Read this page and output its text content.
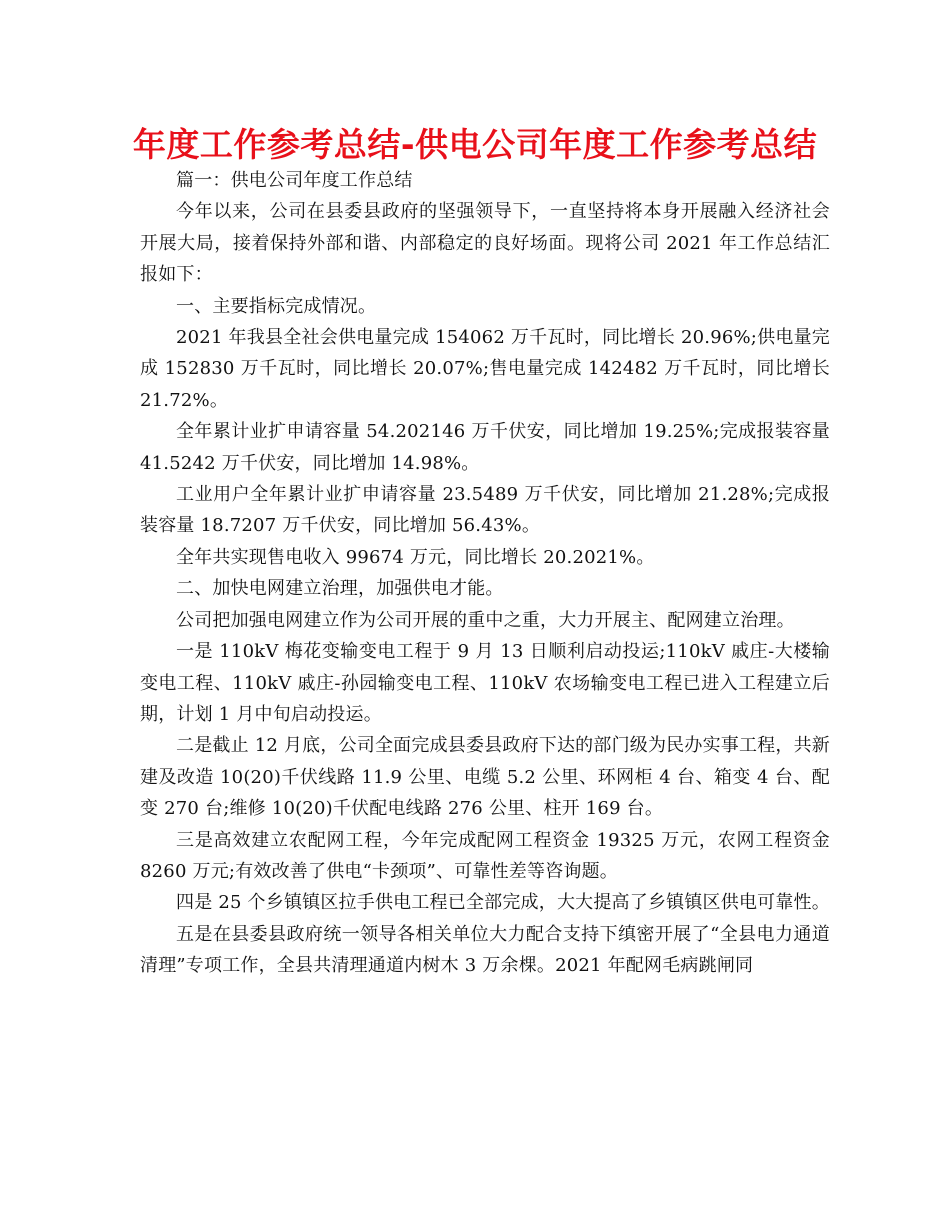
年度工作参考总结-供电公司年度工作参考总结

篇一：供电公司年度工作总结

今年以来，公司在县委县政府的坚强领导下，一直坚持将本身开展融入经济社会开展大局，接着保持外部和谐、内部稳定的良好场面。现将公司 2021 年工作总结汇报如下：

一、主要指标完成情况。

2021 年我县全社会供电量完成 154062 万千瓦时，同比增长 20.96%;供电量完成 152830 万千瓦时，同比增长 20.07%;售电量完成 142482 万千瓦时，同比增长 21.72%。

全年累计业扩申请容量 54.202146 万千伏安，同比增加 19.25%;完成报装容量 41.5242 万千伏安，同比增加 14.98%。

工业用户全年累计业扩申请容量 23.5489 万千伏安，同比增加 21.28%;完成报装容量 18.7207 万千伏安，同比增加 56.43%。

全年共实现售电收入 99674 万元，同比增长 20.2021%。

二、加快电网建立治理，加强供电才能。

公司把加强电网建立作为公司开展的重中之重，大力开展主、配网建立治理。

一是 110kV 梅花变输变电工程于 9 月 13 日顺利启动投运;110kV 戚庄-大楼输变电工程、110kV 戚庄-孙园输变电工程、110kV 农场输变电工程已进入工程建立后期，计划 1 月中旬启动投运。

二是截止 12 月底，公司全面完成县委县政府下达的部门级为民办实事工程，共新建及改造 10(20)千伏线路 11.9 公里、电缆 5.2 公里、环网柜 4 台、箱变 4 台、配变 270 台;维修 10(20)千伏配电线路 276 公里、柱开 169 台。

三是高效建立农配网工程，今年完成配网工程资金 19325 万元，农网工程资金 8260 万元;有效改善了供电“卡颈项”、可靠性差等咨询题。

四是 25 个乡镇镇区拉手供电工程已全部完成，大大提高了乡镇镇区供电可靠性。

五是在县委县政府统一领导各相关单位大力配合支持下缜密开展了“全县电力通道清理”专项工作，全县共清理通道内树木 3 万余棵。2021 年配网毛病跳闸同
